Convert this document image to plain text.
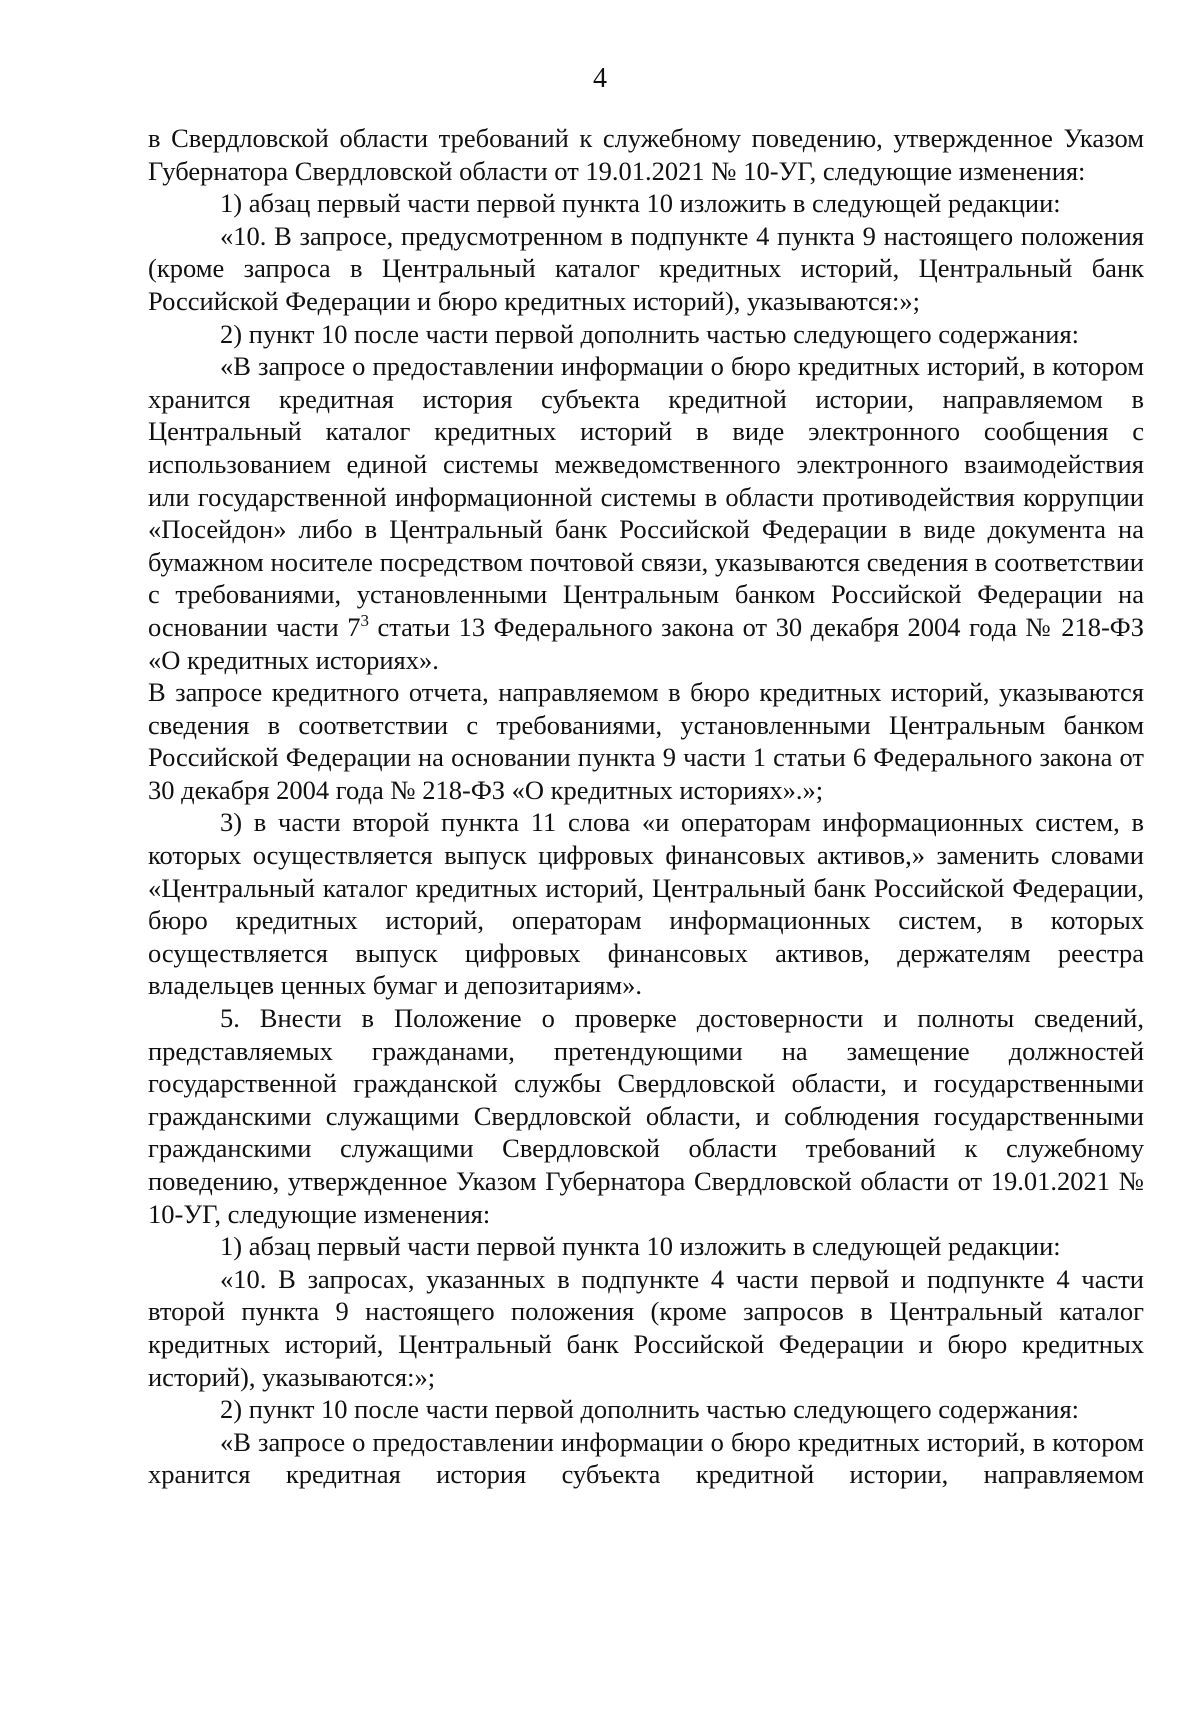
4

в Свердловской области требований к служебному поведению, утвержденное Указом Губернатора Свердловской области от 19.01.2021 № 10-УГ, следующие изменения:

1) абзац первый части первой пункта 10 изложить в следующей редакции:

«10. В запросе, предусмотренном в подпункте 4 пункта 9 настоящего положения (кроме запроса в Центральный каталог кредитных историй, Центральный банк Российской Федерации и бюро кредитных историй), указываются:»;

2) пункт 10 после части первой дополнить частью следующего содержания:

«В запросе о предоставлении информации о бюро кредитных историй, в котором хранится кредитная история субъекта кредитной истории, направляемом в Центральный каталог кредитных историй в виде электронного сообщения с использованием единой системы межведомственного электронного взаимодействия или государственной информационной системы в области противодействия коррупции «Посейдон» либо в Центральный банк Российской Федерации в виде документа на бумажном носителе посредством почтовой связи, указываются сведения в соответствии с требованиями, установленными Центральным банком Российской Федерации на основании части $7^3$ статьи 13 Федерального закона от 30 декабря 2004 года № 218-ФЗ «О кредитных историях».

В запросе кредитного отчета, направляемом в бюро кредитных историй, указываются сведения в соответствии с требованиями, установленными Центральным банком Российской Федерации на основании пункта 9 части 1 статьи 6 Федерального закона от 30 декабря 2004 года № 218-ФЗ «О кредитных историях».»;

3) в части второй пункта 11 слова «и операторам информационных систем, в которых осуществляется выпуск цифровых финансовых активов,» заменить словами «Центральный каталог кредитных историй, Центральный банк Российской Федерации, бюро кредитных историй, операторам информационных систем, в которых осуществляется выпуск цифровых финансовых активов, держателям реестра владельцев ценных бумаг и депозитариям».

5. Внести в Положение о проверке достоверности и полноты сведений, представляемых гражданами, претендующими на замещение должностей государственной гражданской службы Свердловской области, и государственными гражданскими служащими Свердловской области, и соблюдения государственными гражданскими служащими Свердловской области требований к служебному поведению, утвержденное Указом Губернатора Свердловской области от 19.01.2021 № 10-УГ, следующие изменения:

1) абзац первый части первой пункта 10 изложить в следующей редакции:

«10. В запросах, указанных в подпункте 4 части первой и подпункте 4 части второй пункта 9 настоящего положения (кроме запросов в Центральный каталог кредитных историй, Центральный банк Российской Федерации и бюро кредитных историй), указываются:»;

2) пункт 10 после части первой дополнить частью следующего содержания:

«В запросе о предоставлении информации о бюро кредитных историй, в котором хранится кредитная история субъекта кредитной истории, направляемом
